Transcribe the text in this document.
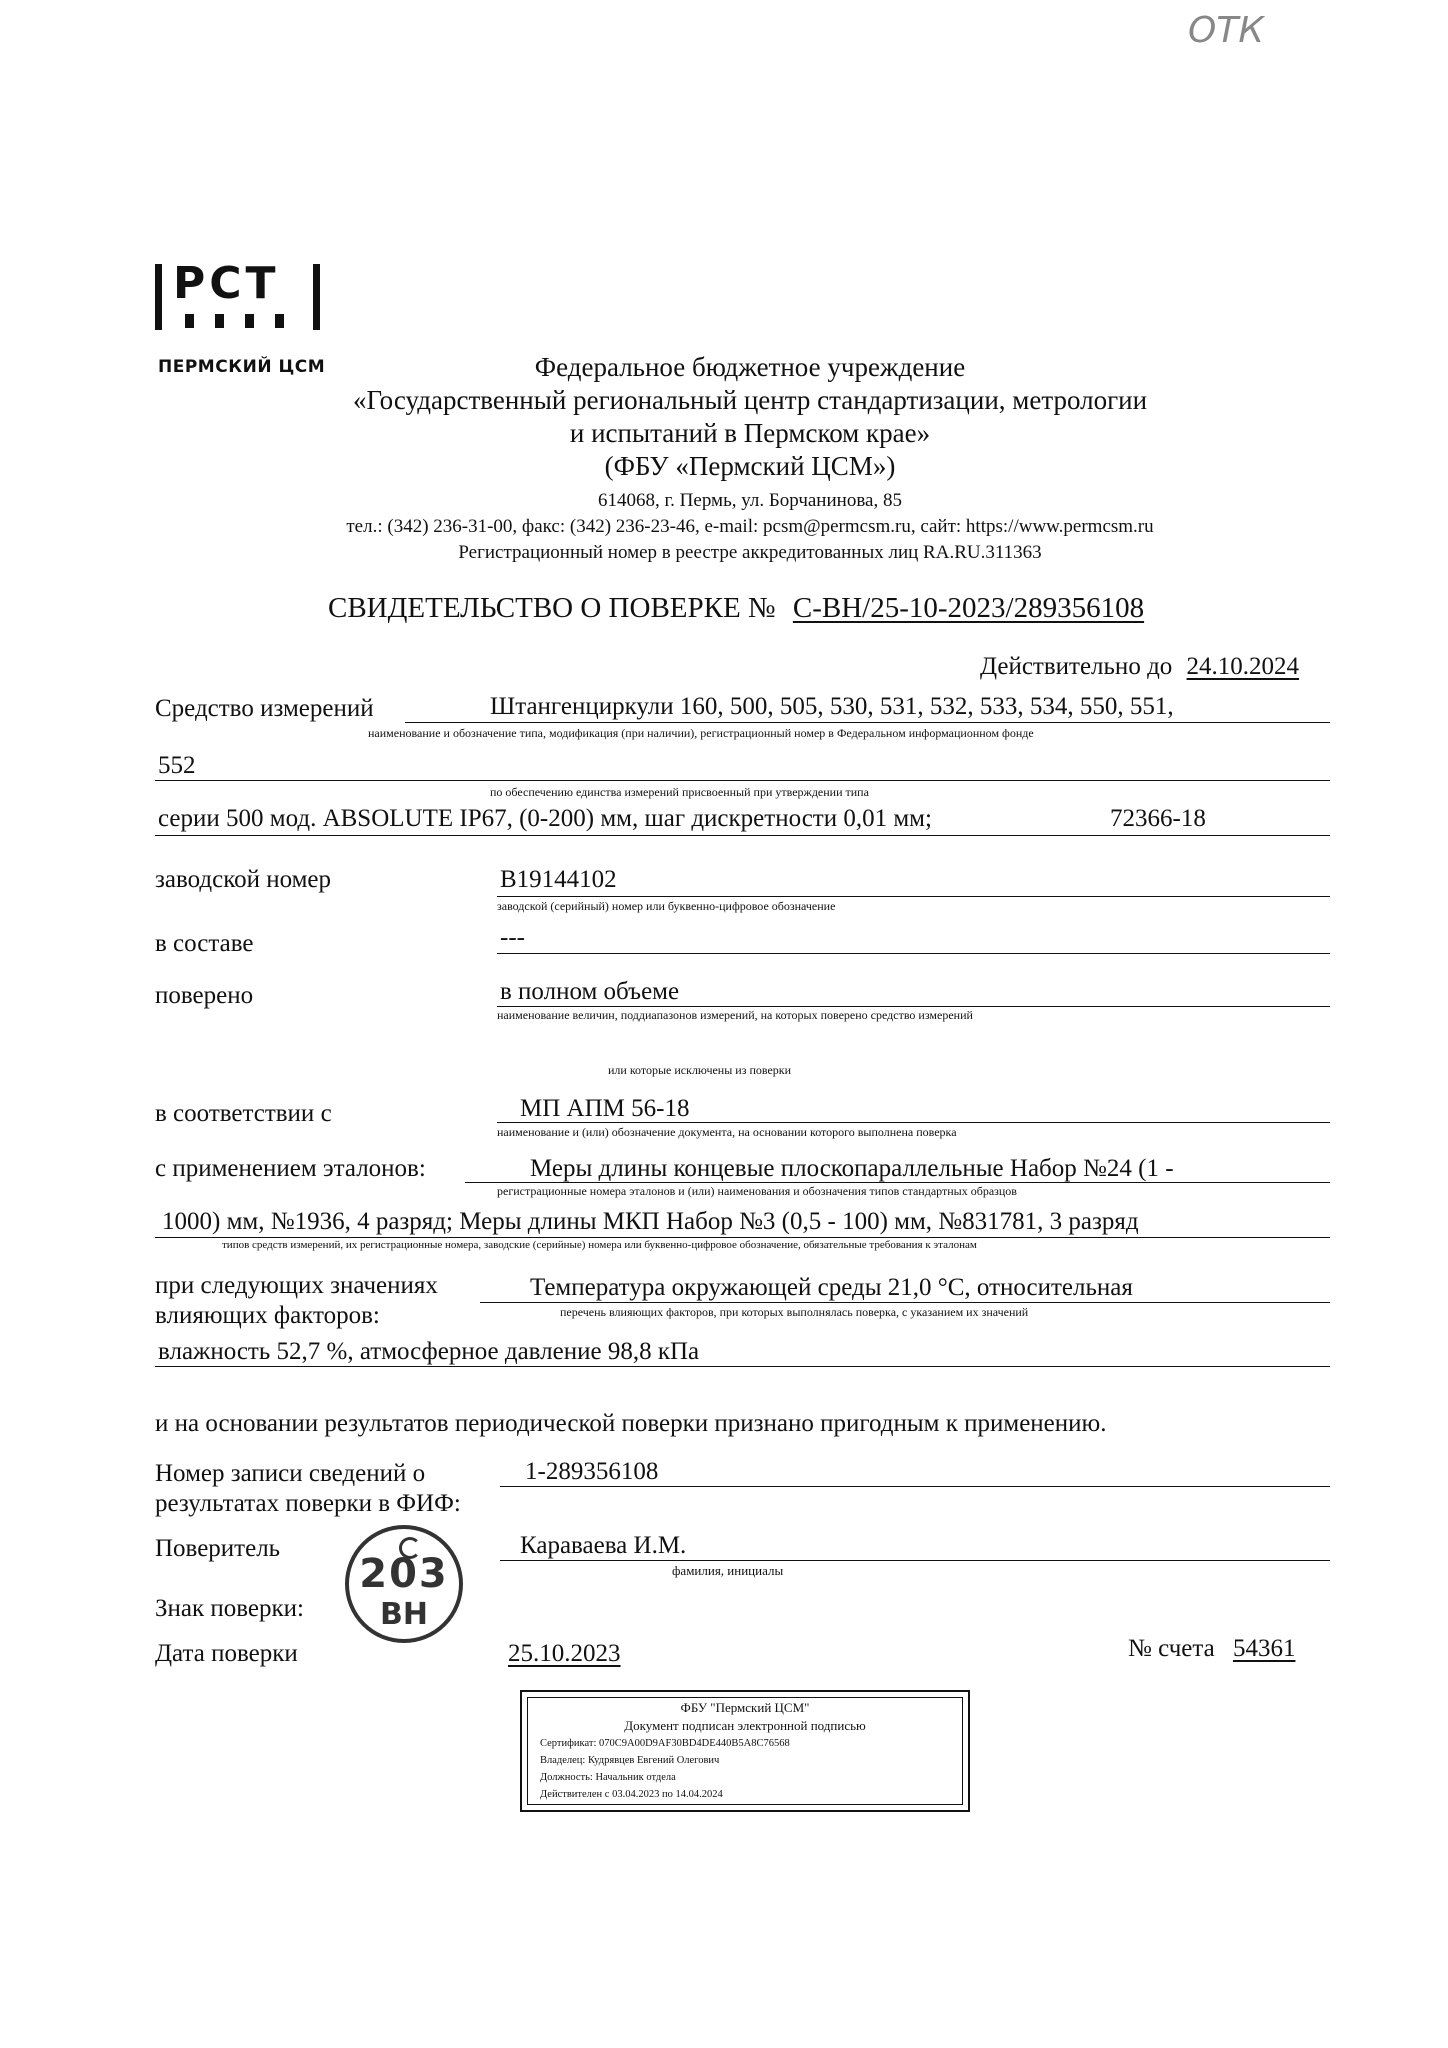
ОТК
РСТ
ПЕРМСКИЙ ЦСМ	Федеральное бюджетное учреждение
«Государственный региональный центр стандартизации, метрологии
и испытаний в Пермском крае»
(ФБУ «Пермский ЦСМ»)
614068, г. Пермь, ул. Борчанинова, 85
тел.: (342) 236-31-00, факс: (342) 236-23-46, e-mail: pcsm@permcsm.ru, сайт: https://www.permcsm.ru
Регистрационный номер в реестре аккредитованных лиц RA.RU.311363
СВИДЕТЕЛЬСТВО О ПОВЕРКЕ № С-ВН/25-10-2023/289356108
Действительно до 24.10.2024
Средство измерений	Штангенциркули 160, 500, 505, 530, 531, 532, 533, 534, 550, 551,
наименование и обозначение типа, модификация (при наличии), регистрационный номер в Федеральном информационном фонде
552
по обеспечению единства измерений присвоенный при утверждении типа
серии 500 мод. ABSOLUTE IP67, (0-200) мм, шаг дискретности 0,01 мм;	72366-18
заводской номер	B19144102
заводской (серийный) номер или буквенно-цифровое обозначение
в составе	---
поверено	в полном объеме
наименование величин, поддиапазонов измерений, на которых поверено средство измерений
или которые исключены из поверки
в соответствии с	МП АПМ 56-18
наименование и (или) обозначение документа, на основании которого выполнена поверка
с применением эталонов:	Меры длины концевые плоскопараллельные Набор №24 (1 -
регистрационные номера эталонов и (или) наименования и обозначения типов стандартных образцов
1000) мм, №1936, 4 разряд; Меры длины МКП Набор №3 (0,5 - 100) мм, №831781, 3 разряд
типов средств измерений, их регистрационные номера, заводские (серийные) номера или буквенно-цифровое обозначение, обязательные требования к эталонам
при следующих значениях
влияющих факторов:
Температура окружающей среды 21,0 °С, относительная
перечень влияющих факторов, при которых выполнялась поверка, с указанием их значений
влажность 52,7 %, атмосферное давление 98,8 кПа
и на основании результатов периодической поверки признано пригодным к применению.
Номер записи сведений о
результатах поверки в ФИФ:
1-289356108
Поверитель	Караваева И.М.
фамилия, инициалы
Знак поверки:
203
ВН
Дата поверки	25.10.2023	№ счета 54361
ФБУ "Пермский ЦСМ"
Документ подписан электронной подписью
Сертификат: 070C9A00D9AF30BD4DE440B5A8C76568
Владелец: Кудрявцев Евгений Олегович
Должность: Начальник отдела
Действителен с 03.04.2023 по 14.04.2024
